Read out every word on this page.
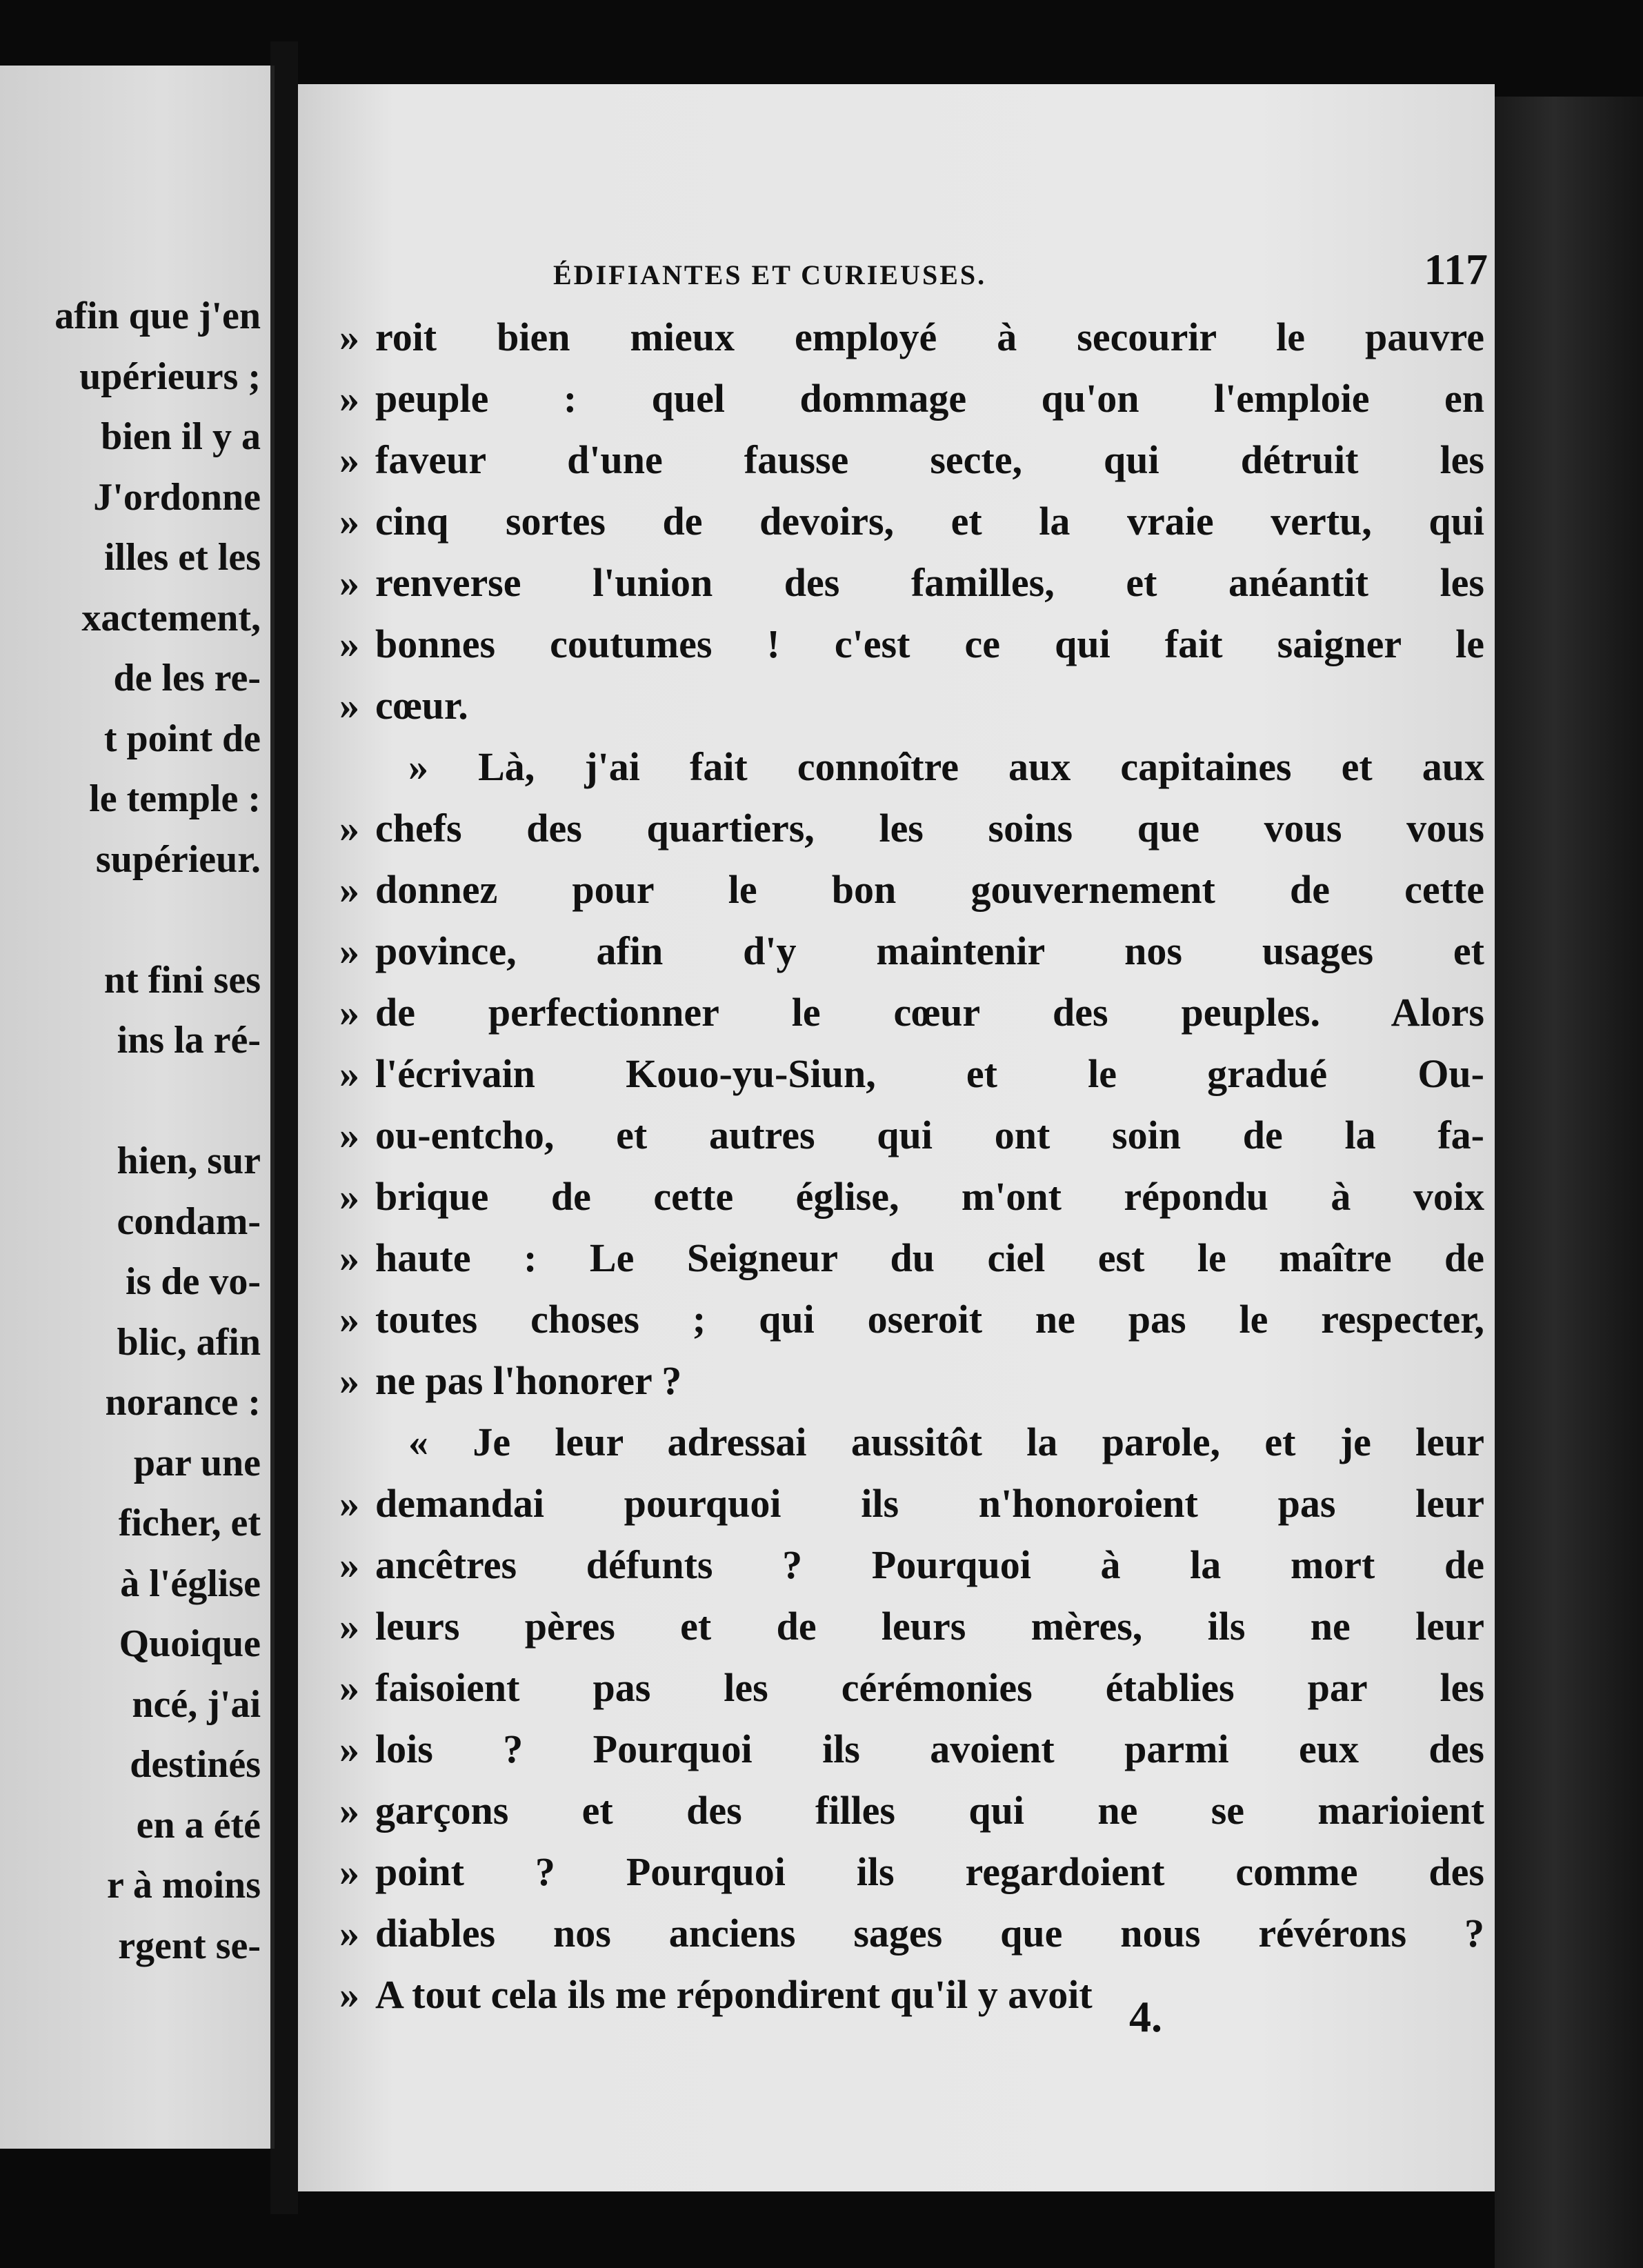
afin que j'en
upérieurs ;
bien il y a
J'ordonne
illes et les
xactement,
de les re-
t point de
le temple :
supérieur.
nt fini ses
ins la ré-
hien, sur
condam-
is de vo-
blic, afin
norance :
par une
ficher, et
à l'église
Quoique
ncé, j'ai
destinés
en a été
r à moins
rgent se-
ÉDIFIANTES ET CURIEUSES.	117
» roit bien mieux employé à secourir le pauvre
» peuple : quel dommage qu'on l'emploie en
» faveur d'une fausse secte, qui détruit les
» cinq sortes de devoirs, et la vraie vertu, qui
» renverse l'union des familles, et anéantit les
» bonnes coutumes ! c'est ce qui fait saigner le
» cœur.
» Là, j'ai fait connoître aux capitaines et aux
» chefs des quartiers, les soins que vous vous
» donnez pour le bon gouvernement de cette
» povince, afin d'y maintenir nos usages et
» de perfectionner le cœur des peuples. Alors
» l'écrivain Kouo-yu-Siun, et le gradué Ou-
» ou-entcho, et autres qui ont soin de la fa-
» brique de cette église, m'ont répondu à voix
» haute : Le Seigneur du ciel est le maître de
» toutes choses ; qui oseroit ne pas le respecter,
» ne pas l'honorer ?
« Je leur adressai aussitôt la parole, et je leur
» demandai pourquoi ils n'honoroient pas leur
» ancêtres défunts ? Pourquoi à la mort de
» leurs pères et de leurs mères, ils ne leur
» faisoient pas les cérémonies établies par les
» lois ? Pourquoi ils avoient parmi eux des
» garçons et des filles qui ne se marioient
» point ? Pourquoi ils regardoient comme des
» diables nos anciens sages que nous révérons ?
» A tout cela ils me répondirent qu'il y avoit 4.
